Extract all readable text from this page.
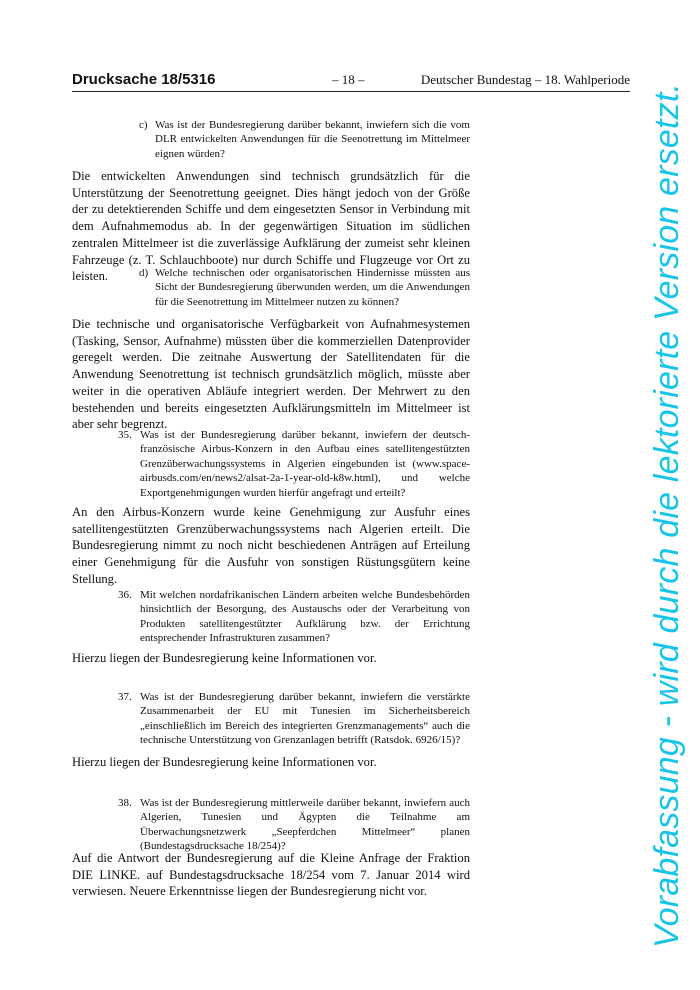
Drucksache 18/5316	– 18 –	Deutscher Bundestag – 18. Wahlperiode
c) Was ist der Bundesregierung darüber bekannt, inwiefern sich die vom DLR entwickelten Anwendungen für die Seenotrettung im Mittelmeer eignen würden?

Die entwickelten Anwendungen sind technisch grundsätzlich für die Unterstützung der Seenotrettung geeignet. Dies hängt jedoch von der Größe der zu detektierenden Schiffe und dem eingesetzten Sensor in Verbindung mit dem Aufnahmemodus ab. In der gegenwärtigen Situation im südlichen zentralen Mittelmeer ist die zuverlässige Aufklärung der zumeist sehr kleinen Fahrzeuge (z. T. Schlauchboote) nur durch Schiffe und Flugzeuge vor Ort zu leisten.	d) Welche technischen oder organisatorischen Hindernisse müssten aus Sicht der Bundesregierung überwunden werden, um die Anwendungen für die Seenotrettung im Mittelmeer nutzen zu können?

Die technische und organisatorische Verfügbarkeit von Aufnahmesystemen (Tasking, Sensor, Aufnahme) müssten über die kommerziellen Datenprovider geregelt werden. Die zeitnahe Auswertung der Satellitendaten für die Anwendung Seenotrettung ist technisch grundsätzlich möglich, müsste aber weiter in die operativen Abläufe integriert werden. Der Mehrwert zu den bestehenden und bereits eingesetzten Aufklärungsmitteln im Mittelmeer ist aber sehr begrenzt.

35. Was ist der Bundesregierung darüber bekannt, inwiefern der deutsch-französische Airbus-Konzern in den Aufbau eines satellitengestützten Grenzüberwachungssystems in Algerien eingebunden ist (www.space-airbusds.com/en/news2/alsat-2a-1-year-old-k8w.html), und welche Exportgenehmigungen wurden hierfür angefragt und erteilt?

An den Airbus-Konzern wurde keine Genehmigung zur Ausfuhr eines satellitengestützten Grenzüberwachungssystems nach Algerien erteilt. Die Bundesregierung nimmt zu noch nicht beschiedenen Anträgen auf Erteilung einer Genehmigung für die Ausfuhr von sonstigen Rüstungsgütern keine Stellung.

36. Mit welchen nordafrikanischen Ländern arbeiten welche Bundesbehörden hinsichtlich der Besorgung, des Austauschs oder der Verarbeitung von Produkten satellitengestützter Aufklärung bzw. der Errichtung entsprechender Infrastrukturen zusammen?

Hierzu liegen der Bundesregierung keine Informationen vor.

37. Was ist der Bundesregierung darüber bekannt, inwiefern die verstärkte Zusammenarbeit der EU mit Tunesien im Sicherheitsbereich „einschließlich im Bereich des integrierten Grenzmanagements“ auch die technische Unterstützung von Grenzanlagen betrifft (Ratsdok. 6926/15)?

Hierzu liegen der Bundesregierung keine Informationen vor.

38. Was ist der Bundesregierung mittlerweile darüber bekannt, inwiefern auch Algerien, Tunesien und Ägypten die Teilnahme am Überwachungsnetzwerk „Seepferdchen Mittelmeer“ planen (Bundestagsdrucksache 18/254)?

Auf die Antwort der Bundesregierung auf die Kleine Anfrage der Fraktion DIE LINKE. auf Bundestagsdrucksache 18/254 vom 7. Januar 2014 wird verwiesen. Neuere Erkenntnisse liegen der Bundesregierung nicht vor.	Vorabfassung - wird durch die lektorierte Version ersetzt.
